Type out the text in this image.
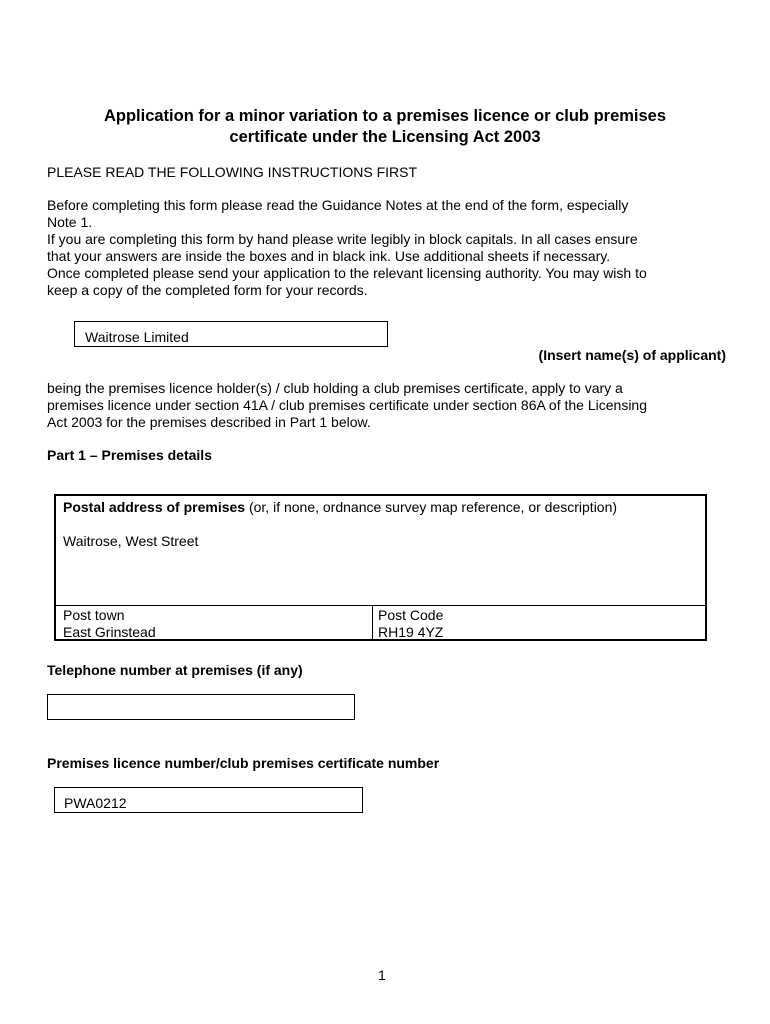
Application for a minor variation to a premises licence or club premises
certificate under the Licensing Act 2003
PLEASE READ THE FOLLOWING INSTRUCTIONS FIRST
Before completing this form please read the Guidance Notes at the end of the form, especially
Note 1.
If you are completing this form by hand please write legibly in block capitals. In all cases ensure
that your answers are inside the boxes and in black ink. Use additional sheets if necessary.
Once completed please send your application to the relevant licensing authority. You may wish to
keep a copy of the completed form for your records.
Waitrose Limited
(Insert name(s) of applicant)
being the premises licence holder(s) / club holding a club premises certificate, apply to vary a
premises licence under section 41A / club premises certificate under section 86A of the Licensing
Act 2003 for the premises described in Part 1 below.
Part 1 – Premises details
Postal address of premises (or, if none, ordnance survey map reference, or description)
Waitrose, West Street
Post town
East Grinstead
Post Code
RH19 4YZ
Telephone number at premises (if any)
Premises licence number/club premises certificate number
PWA0212
1
